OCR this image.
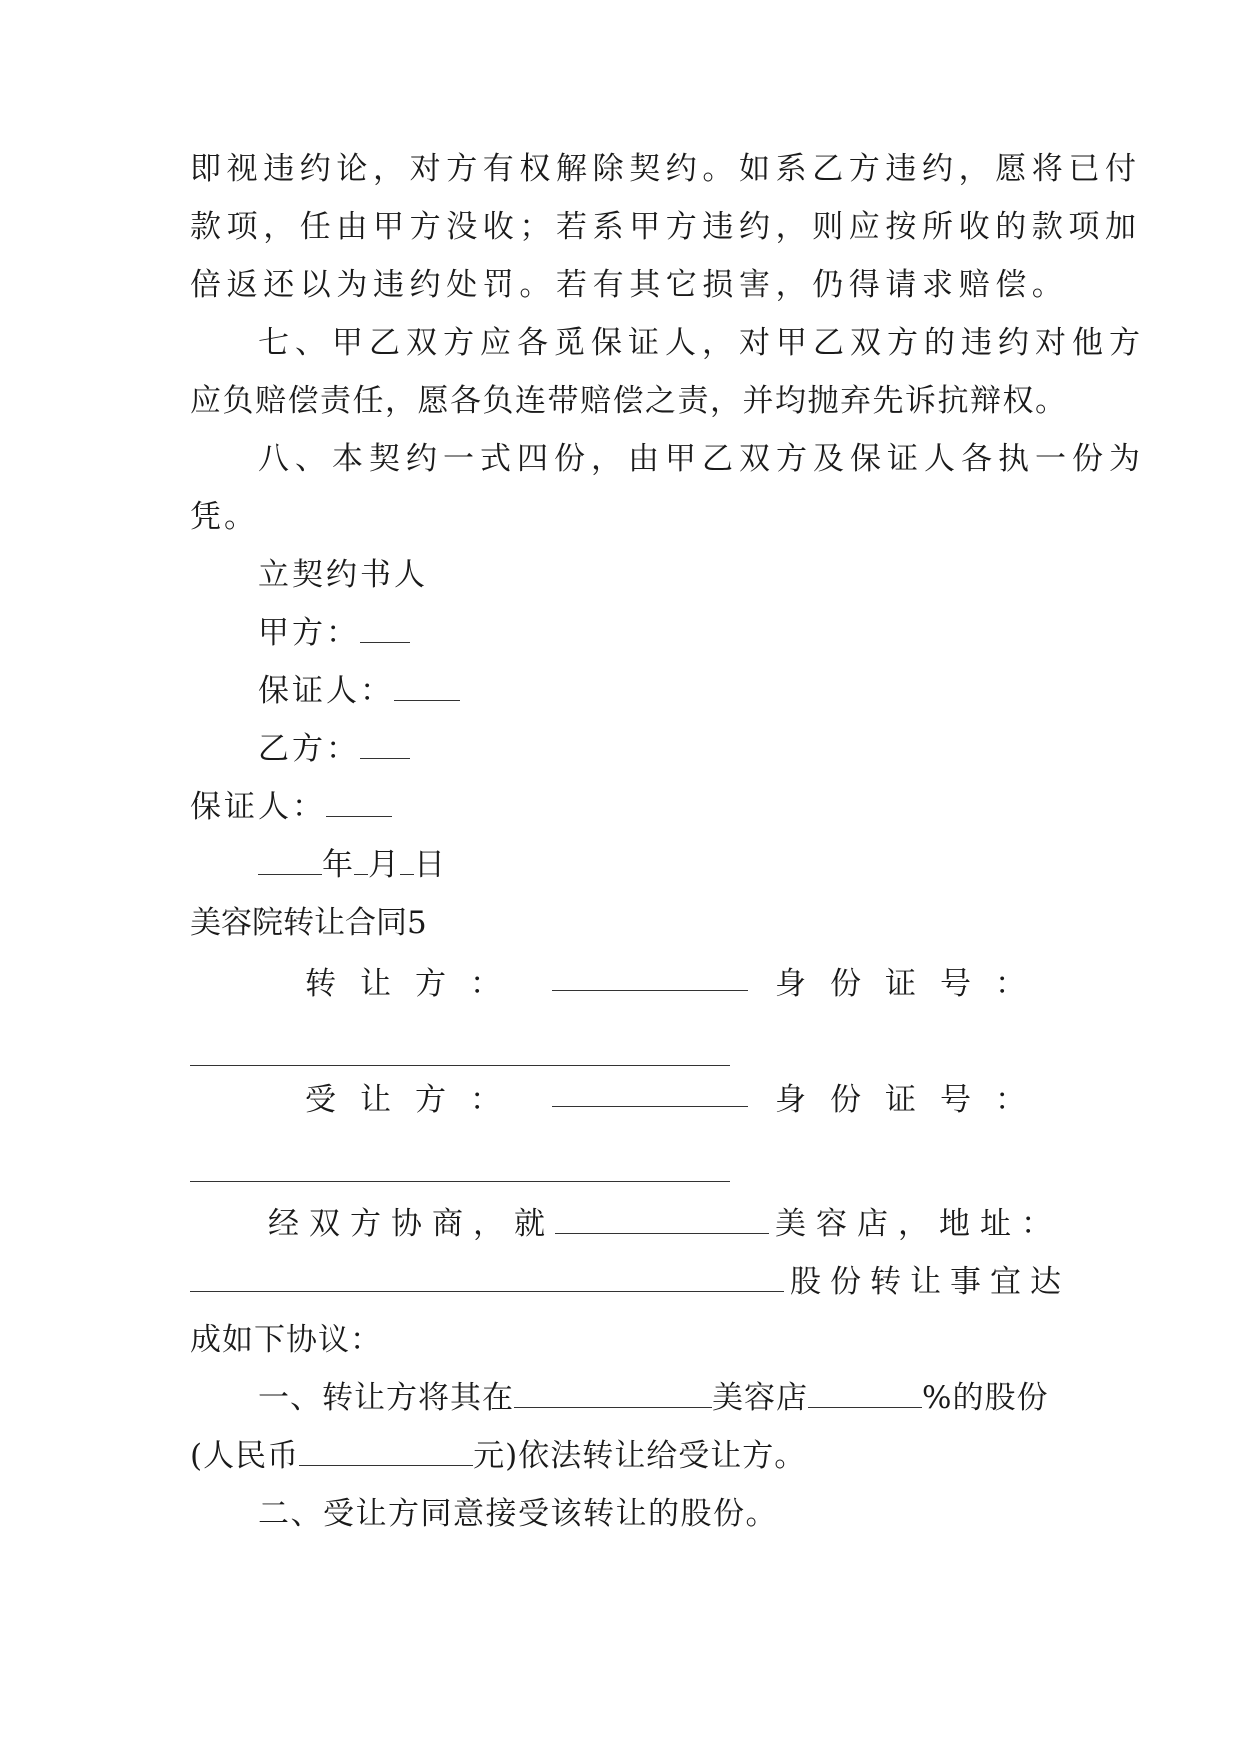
即视违约论，对方有权解除契约。如系乙方违约，愿将已付
款项，任由甲方没收；若系甲方违约，则应按所收的款项加
倍返还以为违约处罚。若有其它损害，仍得请求赔偿。
七、甲乙双方应各觅保证人，对甲乙双方的违约对他方
应负赔偿责任，愿各负连带赔偿之责，并均抛弃先诉抗辩权。
八、本契约一式四份，由甲乙双方及保证人各执一份为
凭。
立契约书人
甲方：
保证人：
乙方：
保证人：
年 月 日
美容院转让合同5
转让方：	身份证号：
受让方：	身份证号：
经双方协商，就	美容店，地址：
股份转让事宜达
成如下协议：
一、转让方将其在	美容店	%的股份
(人民币	元)依法转让给受让方。
二、受让方同意接受该转让的股份。
